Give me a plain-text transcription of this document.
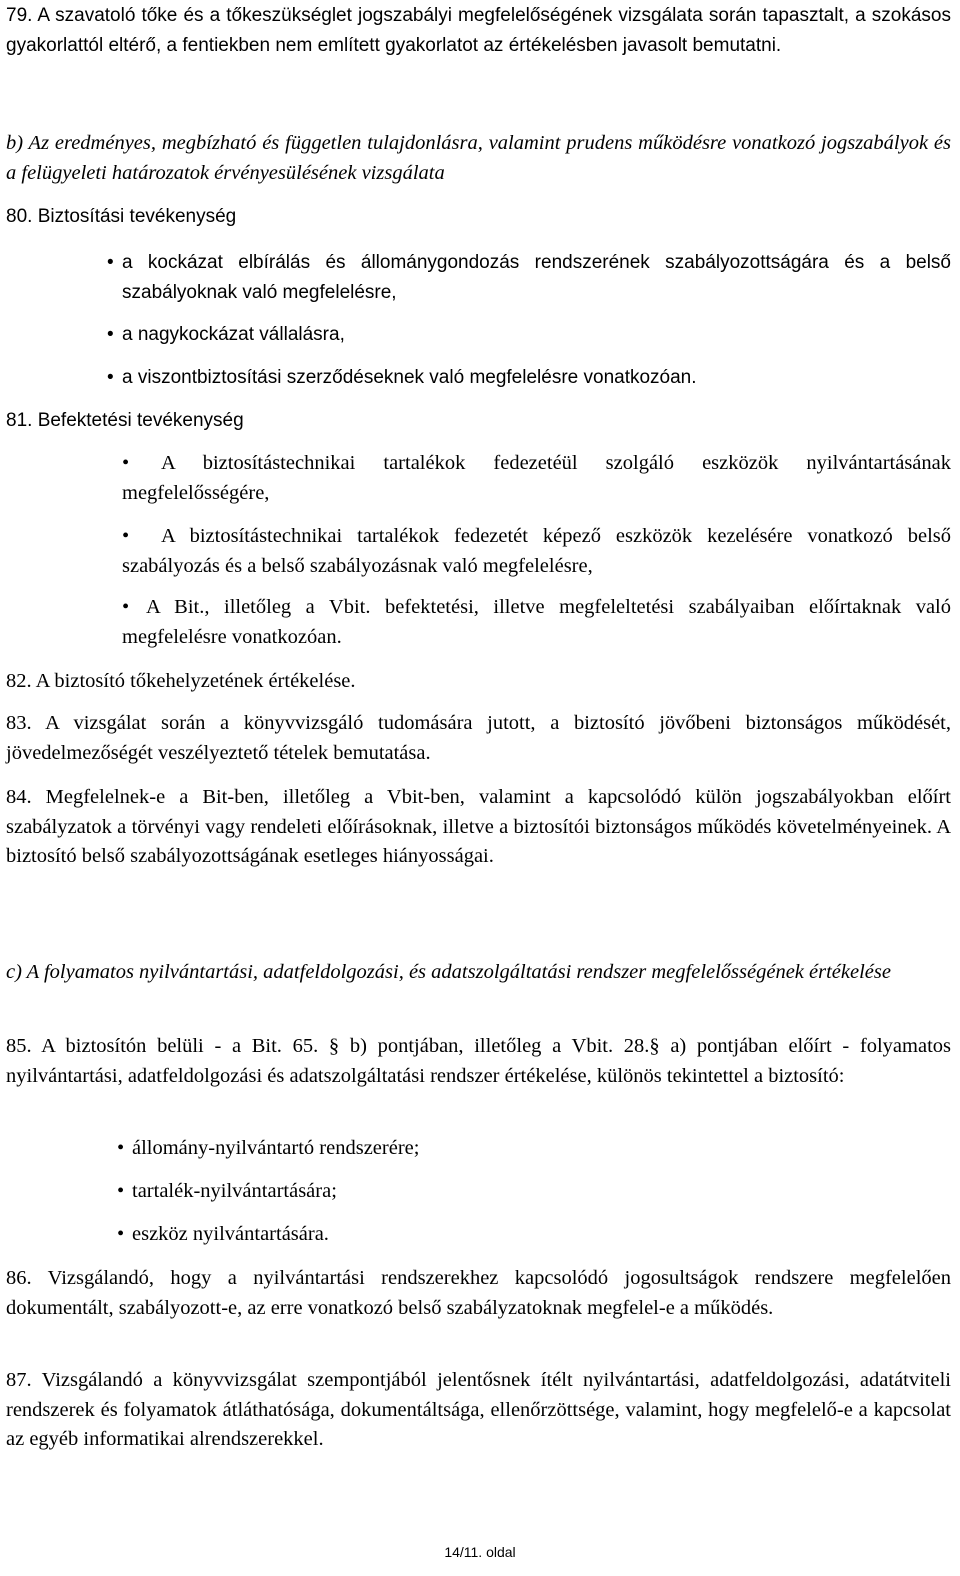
79. A szavatoló tőke és a tőkeszükséglet jogszabályi megfelelőségének vizsgálata során tapasztalt, a szokásos gyakorlattól eltérő, a fentiekben nem említett gyakorlatot az értékelésben javasolt bemutatni.
b) Az eredményes, megbízható és független tulajdonlásra, valamint prudens működésre vonatkozó jogszabályok és a felügyeleti határozatok érvényesülésének vizsgálata
80. Biztosítási tevékenység
•
a kockázat elbírálás és állománygondozás rendszerének szabályozottságára és a belső szabályoknak való megfelelésre,
•
a nagykockázat vállalásra,
•
a viszontbiztosítási szerződéseknek való megfelelésre vonatkozóan.
81. Befektetési tevékenység
•
A biztosítástechnikai tartalékok fedezetéül szolgáló eszközök nyilvántartásának megfelelősségére,
•
A biztosítástechnikai tartalékok fedezetét képező eszközök kezelésére vonatkozó belső szabályozás és a belső szabályozásnak való megfelelésre,
•
A Bit., illetőleg a Vbit. befektetési, illetve megfeleltetési szabályaiban előírtaknak való megfelelésre vonatkozóan.
82. A biztosító tőkehelyzetének értékelése.
83. A vizsgálat során a könyvvizsgáló tudomására jutott, a biztosító jövőbeni biztonságos működését, jövedelmezőségét veszélyeztető tételek bemutatása.
84. Megfelelnek-e a Bit-ben, illetőleg a Vbit-ben, valamint a kapcsolódó külön jogszabályokban előírt szabályzatok a törvényi vagy rendeleti előírásoknak, illetve a biztosítói biztonságos működés követelményeinek. A biztosító belső szabályozottságának esetleges hiányosságai.
c) A folyamatos nyilvántartási, adatfeldolgozási, és adatszolgáltatási rendszer megfelelősségének értékelése
85. A biztosítón belüli - a Bit. 65. § b) pontjában, illetőleg a Vbit. 28.§ a) pontjában előírt - folyamatos nyilvántartási, adatfeldolgozási és adatszolgáltatási rendszer értékelése, különös tekintettel a biztosító:
•
állomány-nyilvántartó rendszerére;
•
tartalék-nyilvántartására;
•
eszköz nyilvántartására.
86. Vizsgálandó, hogy a nyilvántartási rendszerekhez kapcsolódó jogosultságok rendszere megfelelően dokumentált, szabályozott-e, az erre vonatkozó belső szabályzatoknak megfelel-e a működés.
87. Vizsgálandó a könyvvizsgálat szempontjából jelentősnek ítélt nyilvántartási, adatfeldolgozási, adatátviteli rendszerek és folyamatok átláthatósága, dokumentáltsága, ellenőrzöttsége, valamint, hogy megfelelő-e a kapcsolat az egyéb informatikai alrendszerekkel.
14/11. oldal
